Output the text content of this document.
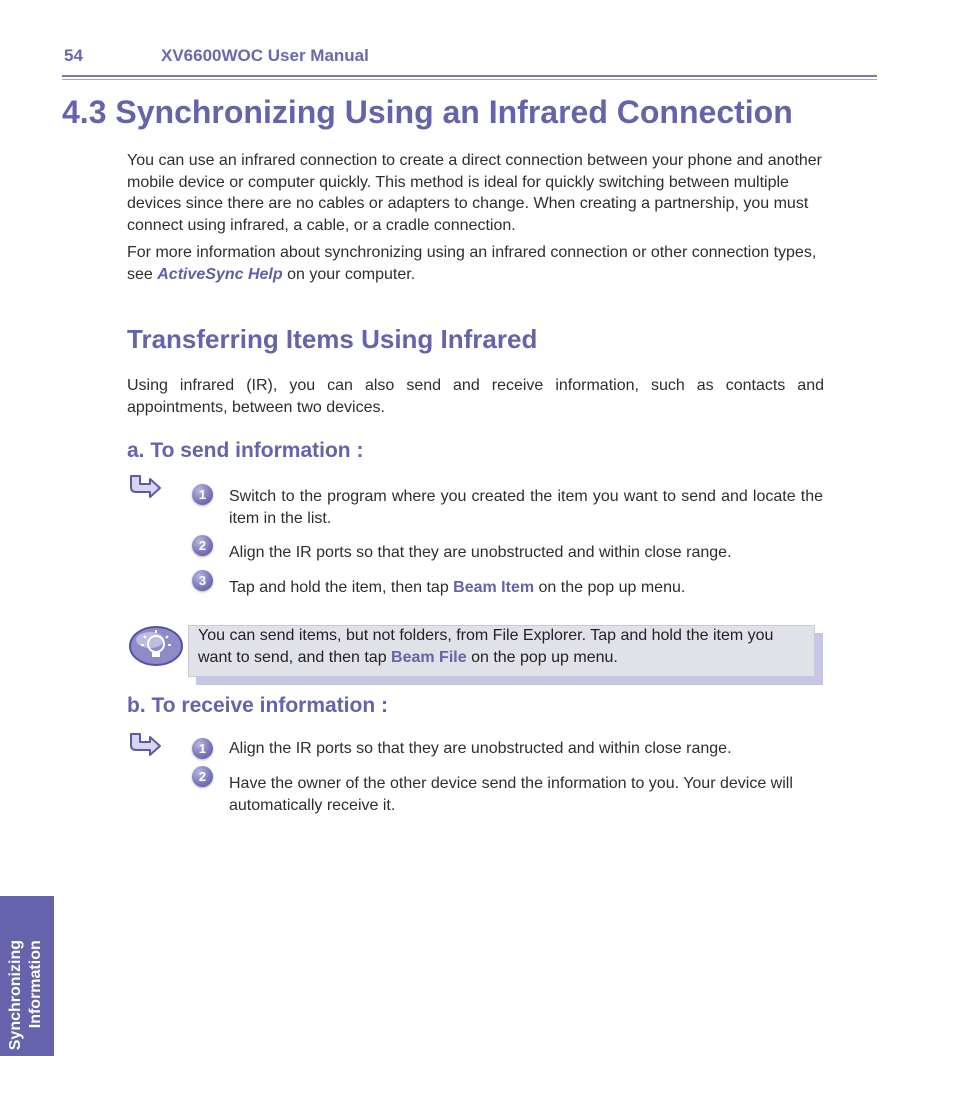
54	XV6600WOC User Manual
4.3 Synchronizing Using an Infrared Connection
You can use an infrared connection to create a direct connection between your phone and another mobile device or computer quickly. This method is ideal for quickly switching between multiple devices since there are no cables or adapters to change. When creating a partnership, you must connect using infrared, a cable, or a cradle connection.
For more information about synchronizing using an infrared connection or other connection types, see ActiveSync Help on your computer.
Transferring Items Using Infrared
Using infrared (IR), you can also send and receive information, such as contacts and appointments, between two devices.
a. To send information :
1	Switch to the program where you created the item you want to send and locate the item in the list.
2	Align the IR ports so that they are unobstructed and within close range.
3	Tap and hold the item, then tap Beam Item on the pop up menu.
You can send items, but not folders, from File Explorer. Tap and hold the item you want to send, and then tap Beam File on the pop up menu.
b. To receive information :
1	Align the IR ports so that they are unobstructed and within close range.
2	Have the owner of the other device send the information to you. Your device will automatically receive it.
Synchronizing Information
